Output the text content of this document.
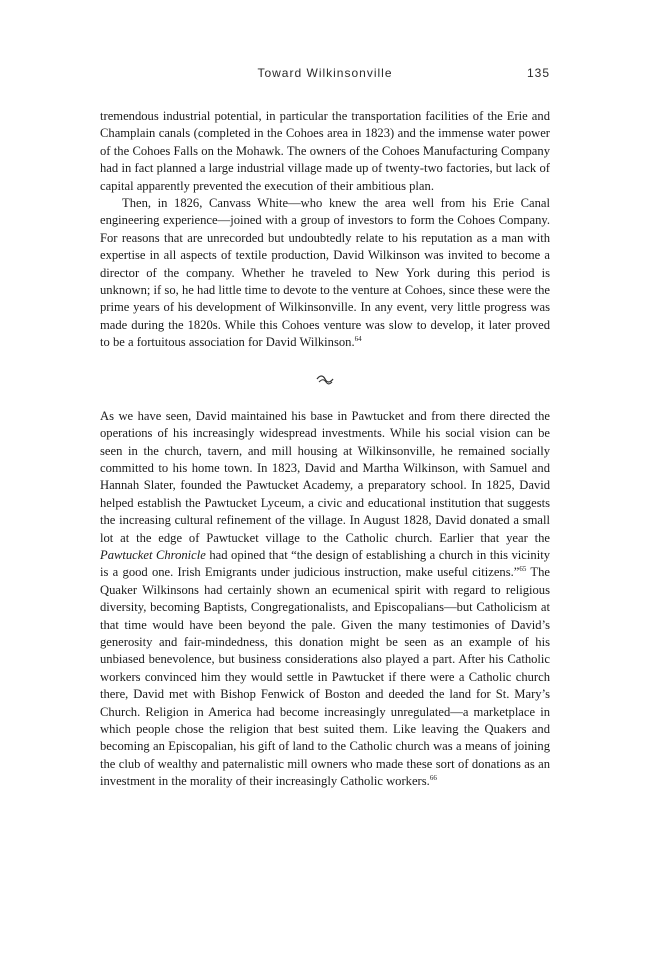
Toward Wilkinsonville	135

tremendous industrial potential, in particular the transportation facilities of the Erie and Champlain canals (completed in the Cohoes area in 1823) and the immense water power of the Cohoes Falls on the Mohawk. The owners of the Cohoes Manufacturing Company had in fact planned a large industrial village made up of twenty-two factories, but lack of capital apparently prevented the execution of their ambitious plan.

Then, in 1826, Canvass White—who knew the area well from his Erie Canal engineering experience—joined with a group of investors to form the Cohoes Company. For reasons that are unrecorded but undoubtedly relate to his reputation as a man with expertise in all aspects of textile production, David Wilkinson was invited to become a director of the company. Whether he traveled to New York during this period is unknown; if so, he had little time to devote to the venture at Cohoes, since these were the prime years of his development of Wilkinsonville. In any event, very little progress was made during the 1820s. While this Cohoes venture was slow to develop, it later proved to be a fortuitous association for David Wilkinson.$^{64}$

As we have seen, David maintained his base in Pawtucket and from there directed the operations of his increasingly widespread investments. While his social vision can be seen in the church, tavern, and mill housing at Wilkinsonville, he remained socially committed to his home town. In 1823, David and Martha Wilkinson, with Samuel and Hannah Slater, founded the Pawtucket Academy, a preparatory school. In 1825, David helped establish the Pawtucket Lyceum, a civic and educational institution that suggests the increasing cultural refinement of the village. In August 1828, David donated a small lot at the edge of Pawtucket village to the Catholic church. Earlier that year the Pawtucket Chronicle had opined that “the design of establishing a church in this vicinity is a good one. Irish Emigrants under judicious instruction, make useful citizens.”$^{65}$ The Quaker Wilkinsons had certainly shown an ecumenical spirit with regard to religious diversity, becoming Baptists, Congregationalists, and Episcopalians—but Catholicism at that time would have been beyond the pale. Given the many testimonies of David’s generosity and fair-mindedness, this donation might be seen as an example of his unbiased benevolence, but business considerations also played a part. After his Catholic workers convinced him they would settle in Pawtucket if there were a Catholic church there, David met with Bishop Fenwick of Boston and deeded the land for St. Mary’s Church. Religion in America had become increasingly unregulated—a marketplace in which people chose the religion that best suited them. Like leaving the Quakers and becoming an Episcopalian, his gift of land to the Catholic church was a means of joining the club of wealthy and paternalistic mill owners who made these sort of donations as an investment in the morality of their increasingly Catholic workers.$^{66}$
